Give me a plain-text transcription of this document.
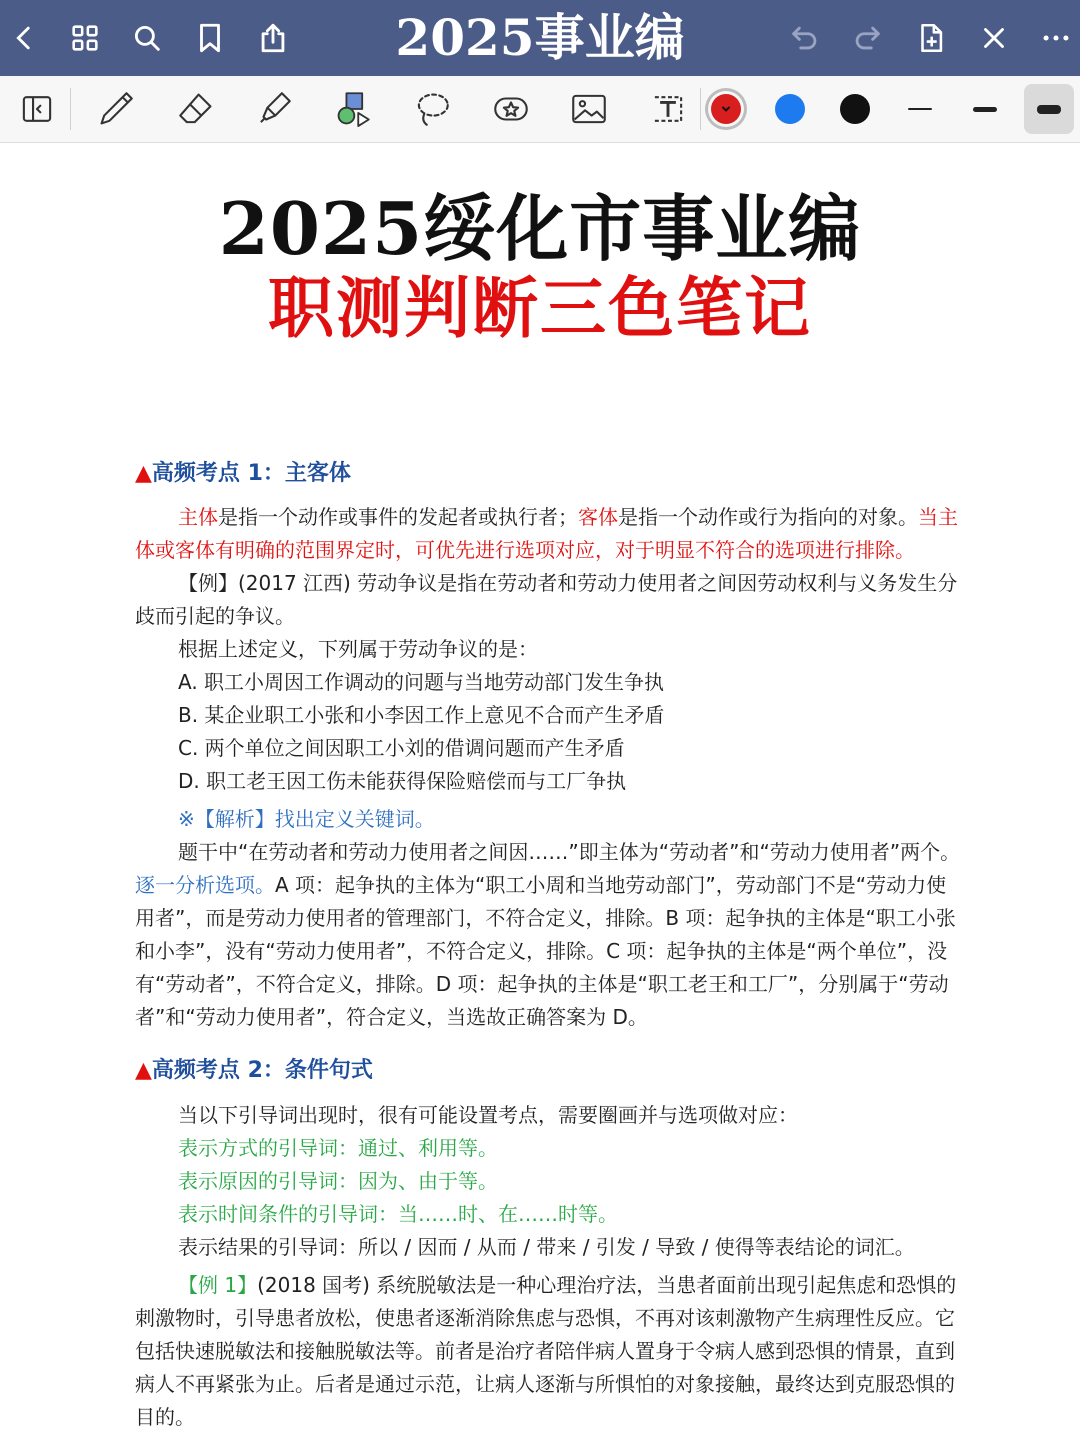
2025事业编
2025绥化市事业编
职测判断三色笔记
▲高频考点 1：主客体

主体是指一个动作或事件的发起者或执行者；客体是指一个动作或行为指向的对象。当主体或客体有明确的范围界定时，可优先进行选项对应，对于明显不符合的选项进行排除。

【例】(2017 江西) 劳动争议是指在劳动者和劳动力使用者之间因劳动权利与义务发生分歧而引起的争议。

根据上述定义，下列属于劳动争议的是：

A. 职工小周因工作调动的问题与当地劳动部门发生争执

B. 某企业职工小张和小李因工作上意见不合而产生矛盾

C. 两个单位之间因职工小刘的借调问题而产生矛盾

D. 职工老王因工伤未能获得保险赔偿而与工厂争执

※【解析】找出定义关键词。

题干中“在劳动者和劳动力使用者之间因……”即主体为“劳动者”和“劳动力使用者”两个。逐一分析选项。A 项：起争执的主体为“职工小周和当地劳动部门”，劳动部门不是“劳动力使用者”，而是劳动力使用者的管理部门，不符合定义，排除。B 项：起争执的主体是“职工小张和小李”，没有“劳动力使用者”，不符合定义，排除。C 项：起争执的主体是“两个单位”，没有“劳动者”，不符合定义，排除。D 项：起争执的主体是“职工老王和工厂”，分别属于“劳动者”和“劳动力使用者”，符合定义，当选故正确答案为 D。

▲高频考点 2：条件句式

当以下引导词出现时，很有可能设置考点，需要圈画并与选项做对应：

表示方式的引导词：通过、利用等。

表示原因的引导词：因为、由于等。

表示时间条件的引导词：当……时、在……时等。

表示结果的引导词：所以 / 因而 / 从而 / 带来 / 引发 / 导致 / 使得等表结论的词汇。

【例 1】(2018 国考) 系统脱敏法是一种心理治疗法，当患者面前出现引起焦虑和恐惧的刺激物时，引导患者放松，使患者逐渐消除焦虑与恐惧，不再对该刺激物产生病理性反应。它包括快速脱敏法和接触脱敏法等。前者是治疗者陪伴病人置身于令病人感到恐惧的情景，直到病人不再紧张为止。后者是通过示范，让病人逐渐与所惧怕的对象接触，最终达到克服恐惧的目的。
